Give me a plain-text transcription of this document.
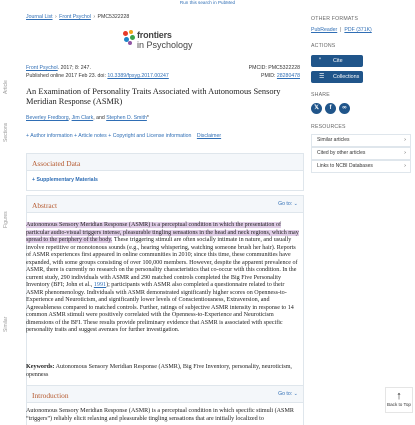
Run this search in PubMed
Article
Sections
Figures
Similar
Journal List › Front Psychol › PMC5322228
frontiers
in Psychology
Front Psychol. 2017; 8: 247.	PMCID: PMC5322228
Published online 2017 Feb 23. doi: 10.3389/fpsyg.2017.00247	PMID: 28280478
An Examination of Personality Traits Associated with Autonomous Sensory Meridian Response (ASMR)
Beverley Fredborg, Jim Clark, and Stephen D. Smith*
+ Author information + Article notes + Copyright and License information Disclaimer
Associated Data
+ Supplementary Materials
Abstract	Go to: ⌄
Autonomous Sensory Meridian Response (ASMR) is a perceptual condition in which the presentation of particular audio-visual triggers intense, pleasurable tingling sensations in the head and neck regions, which may spread to the periphery of the body. These triggering stimuli are often socially intimate in nature, and usually involve repetitive or monotonous sounds (e.g., hearing whispering, watching someone brush her hair). Reports of ASMR experiences first appeared in online communities in 2010; since this time, these communities have expanded, with some groups consisting of over 100,000 members. However, despite the apparent prevalence of ASMR, there is currently no research on the personality characteristics that co-occur with this condition. In the current study, 290 individuals with ASMR and 290 matched controls completed the Big Five Personality Inventory (BFI; John et al., 1991); participants with ASMR also completed a questionnaire related to their ASMR phenomenology. Individuals with ASMR demonstrated significantly higher scores on Openness-to-Experience and Neuroticism, and significantly lower levels of Conscientiousness, Extraversion, and Agreeableness compared to matched controls. Further, ratings of subjective ASMR intensity in response to 14 common ASMR stimuli were positively correlated with the Openness-to-Experience and Neuroticism dimensions of the BFI. These results provide preliminary evidence that ASMR is associated with specific personality traits and suggest avenues for further investigation.
Keywords: Autonomous Sensory Meridian Response (ASMR), Big Five Inventory, personality, neuroticism, openness
Introduction	Go to: ⌄
Autonomous Sensory Meridian Response (ASMR) is a perceptual condition in which specific stimuli (ASMR “triggers”) reliably elicit relaxing and pleasurable tingling sensations that are initially localized to
OTHER FORMATS
PubReader  |  PDF (371K)
ACTIONS
“ Cite
☰ Collections
SHARE
𝕏	f	∞
RESOURCES
Similar articles	›
Cited by other articles	›
Links to NCBI Databases	›
↑
Back to Top
